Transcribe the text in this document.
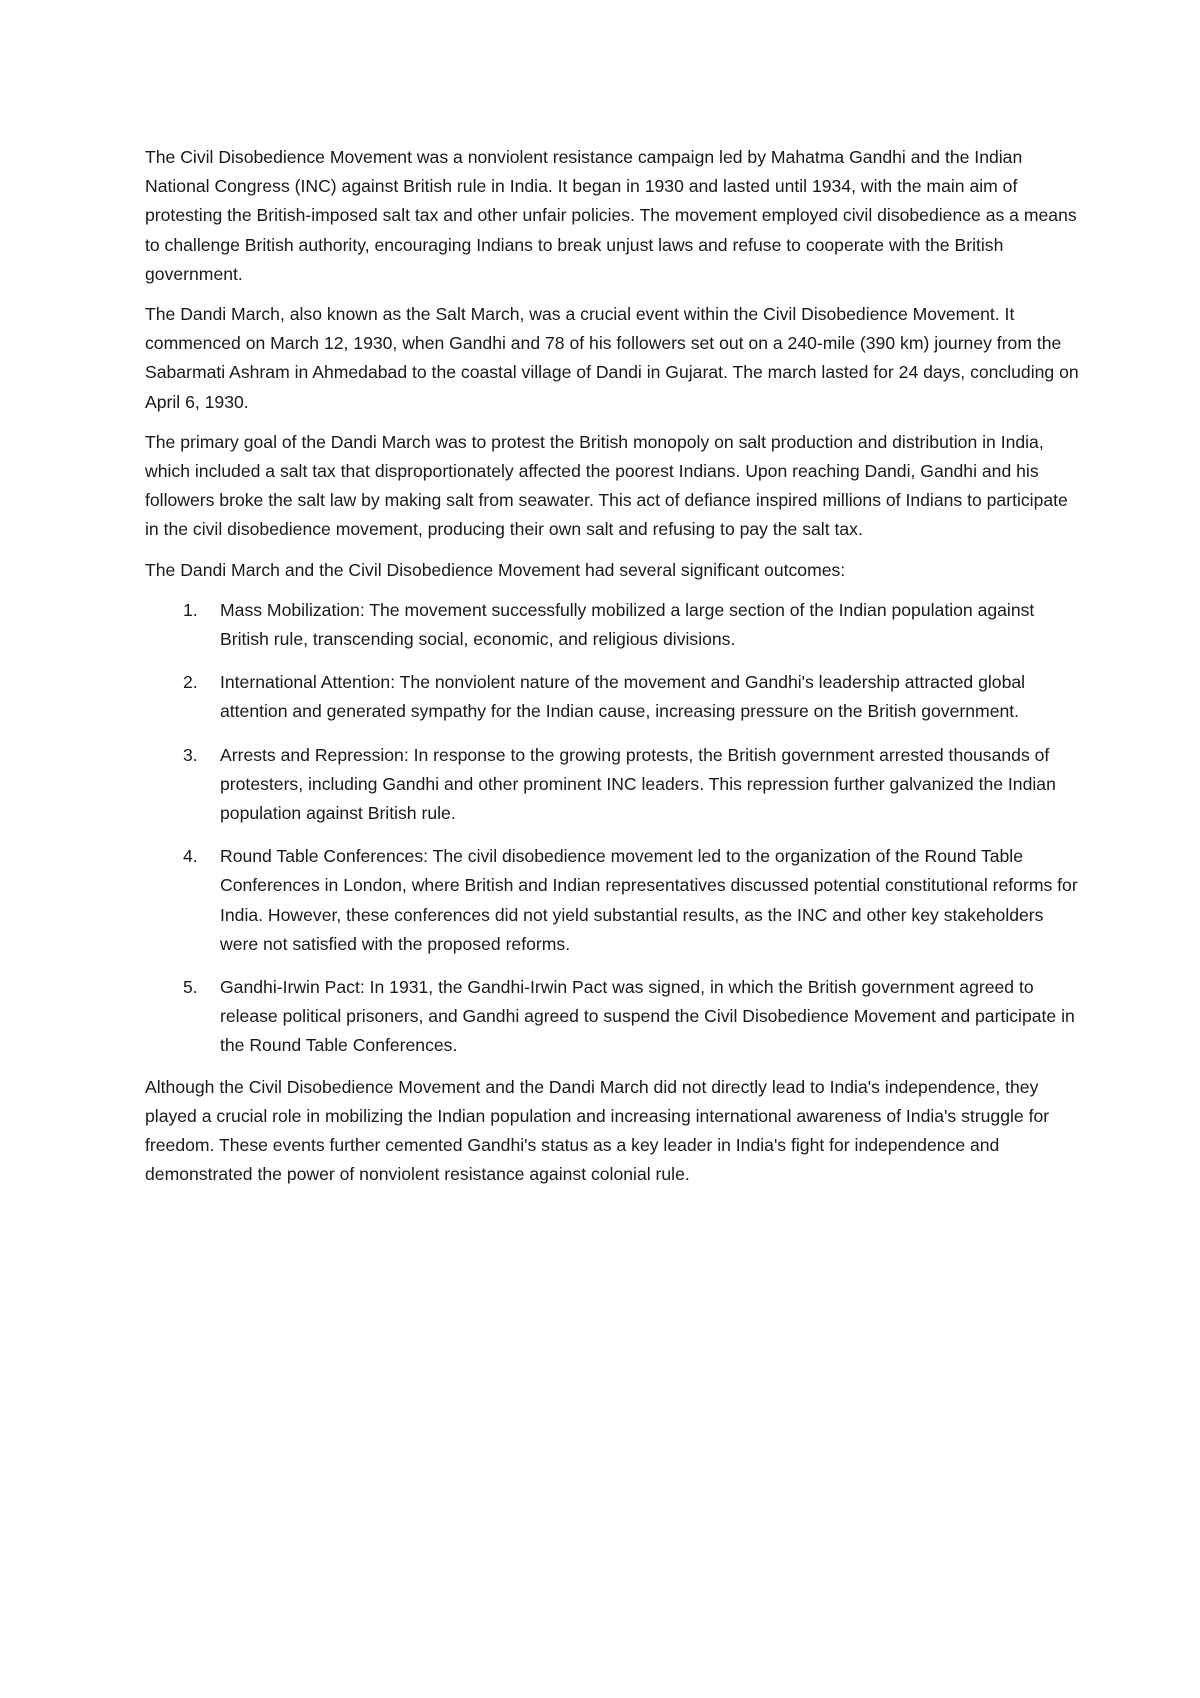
The Civil Disobedience Movement was a nonviolent resistance campaign led by Mahatma Gandhi and the Indian National Congress (INC) against British rule in India. It began in 1930 and lasted until 1934, with the main aim of protesting the British-imposed salt tax and other unfair policies. The movement employed civil disobedience as a means to challenge British authority, encouraging Indians to break unjust laws and refuse to cooperate with the British government.

The Dandi March, also known as the Salt March, was a crucial event within the Civil Disobedience Movement. It commenced on March 12, 1930, when Gandhi and 78 of his followers set out on a 240-mile (390 km) journey from the Sabarmati Ashram in Ahmedabad to the coastal village of Dandi in Gujarat. The march lasted for 24 days, concluding on April 6, 1930.

The primary goal of the Dandi March was to protest the British monopoly on salt production and distribution in India, which included a salt tax that disproportionately affected the poorest Indians. Upon reaching Dandi, Gandhi and his followers broke the salt law by making salt from seawater. This act of defiance inspired millions of Indians to participate in the civil disobedience movement, producing their own salt and refusing to pay the salt tax.

The Dandi March and the Civil Disobedience Movement had several significant outcomes:

1. Mass Mobilization: The movement successfully mobilized a large section of the Indian population against British rule, transcending social, economic, and religious divisions.
2. International Attention: The nonviolent nature of the movement and Gandhi's leadership attracted global attention and generated sympathy for the Indian cause, increasing pressure on the British government.
3. Arrests and Repression: In response to the growing protests, the British government arrested thousands of protesters, including Gandhi and other prominent INC leaders. This repression further galvanized the Indian population against British rule.
4. Round Table Conferences: The civil disobedience movement led to the organization of the Round Table Conferences in London, where British and Indian representatives discussed potential constitutional reforms for India. However, these conferences did not yield substantial results, as the INC and other key stakeholders were not satisfied with the proposed reforms.
5. Gandhi-Irwin Pact: In 1931, the Gandhi-Irwin Pact was signed, in which the British government agreed to release political prisoners, and Gandhi agreed to suspend the Civil Disobedience Movement and participate in the Round Table Conferences.

Although the Civil Disobedience Movement and the Dandi March did not directly lead to India's independence, they played a crucial role in mobilizing the Indian population and increasing international awareness of India's struggle for freedom. These events further cemented Gandhi's status as a key leader in India's fight for independence and demonstrated the power of nonviolent resistance against colonial rule.
